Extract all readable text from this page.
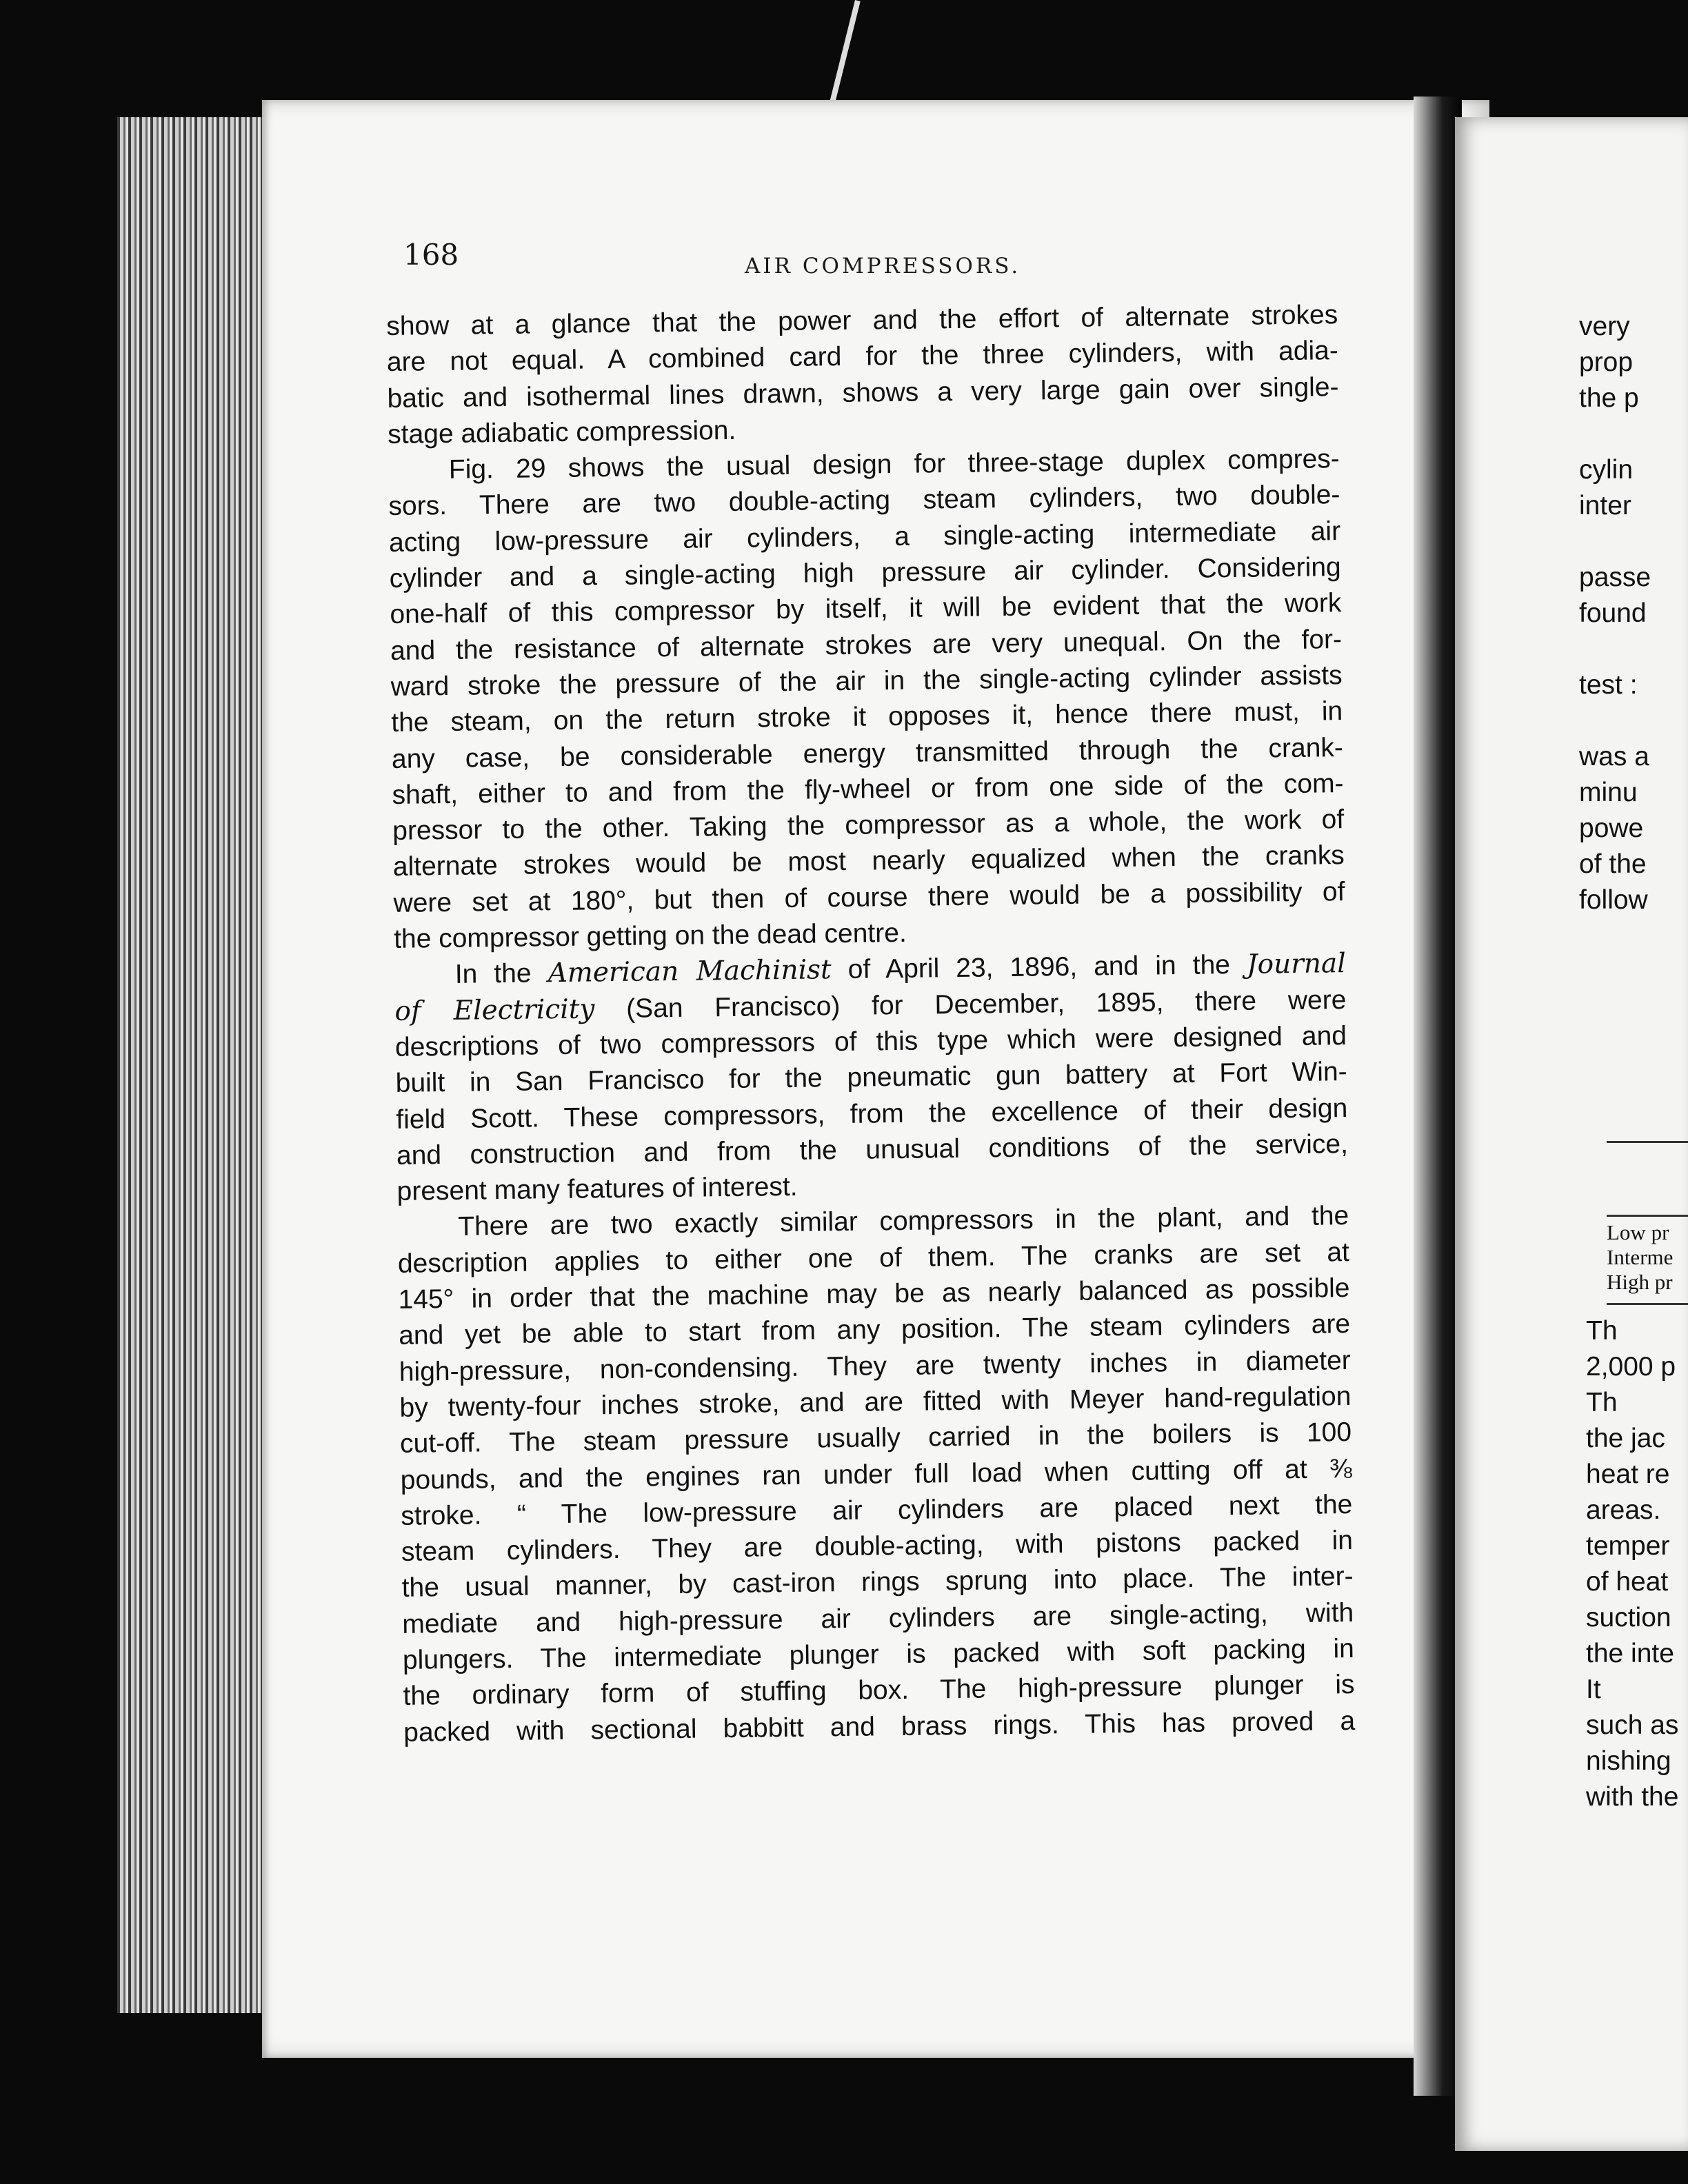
168	AIR COMPRESSORS.
show at a glance that the power and the effort of alternate strokes
are not equal. A combined card for the three cylinders, with adia-
batic and isothermal lines drawn, shows a very large gain over single-
stage adiabatic compression.
Fig. 29 shows the usual design for three-stage duplex compres-
sors. There are two double-acting steam cylinders, two double-
acting low-pressure air cylinders, a single-acting intermediate air
cylinder and a single-acting high pressure air cylinder. Considering
one-half of this compressor by itself, it will be evident that the work
and the resistance of alternate strokes are very unequal. On the for-
ward stroke the pressure of the air in the single-acting cylinder assists
the steam, on the return stroke it opposes it, hence there must, in
any case, be considerable energy transmitted through the crank-
shaft, either to and from the fly-wheel or from one side of the com-
pressor to the other. Taking the compressor as a whole, the work of
alternate strokes would be most nearly equalized when the cranks
were set at 180°, but then of course there would be a possibility of
the compressor getting on the dead centre.
In the American Machinist of April 23, 1896, and in the Journal
of Electricity (San Francisco) for December, 1895, there were
descriptions of two compressors of this type which were designed and
built in San Francisco for the pneumatic gun battery at Fort Win-
field Scott. These compressors, from the excellence of their design
and construction and from the unusual conditions of the service,
present many features of interest.
There are two exactly similar compressors in the plant, and the
description applies to either one of them. The cranks are set at
145° in order that the machine may be as nearly balanced as possible
and yet be able to start from any position. The steam cylinders are
high-pressure, non-condensing. They are twenty inches in diameter
by twenty-four inches stroke, and are fitted with Meyer hand-regulation
cut-off. The steam pressure usually carried in the boilers is 100
pounds, and the engines ran under full load when cutting off at ⅜
stroke. “ The low-pressure air cylinders are placed next the
steam cylinders. They are double-acting, with pistons packed in
the usual manner, by cast-iron rings sprung into place. The inter-
mediate and high-pressure air cylinders are single-acting, with
plungers. The intermediate plunger is packed with soft packing in
the ordinary form of stuffing box. The high-pressure plunger is
packed with sectional babbitt and brass rings. This has proved a
very
prop
the p
cylin
inter
passe
found
test :
was a
minu
powe
of the
follow
Low pr
Interme
High pr
Th
2,000 p
Th
the jac
heat re
areas.
temper
of heat
suction
the inte
It
such as
nishing
with the
